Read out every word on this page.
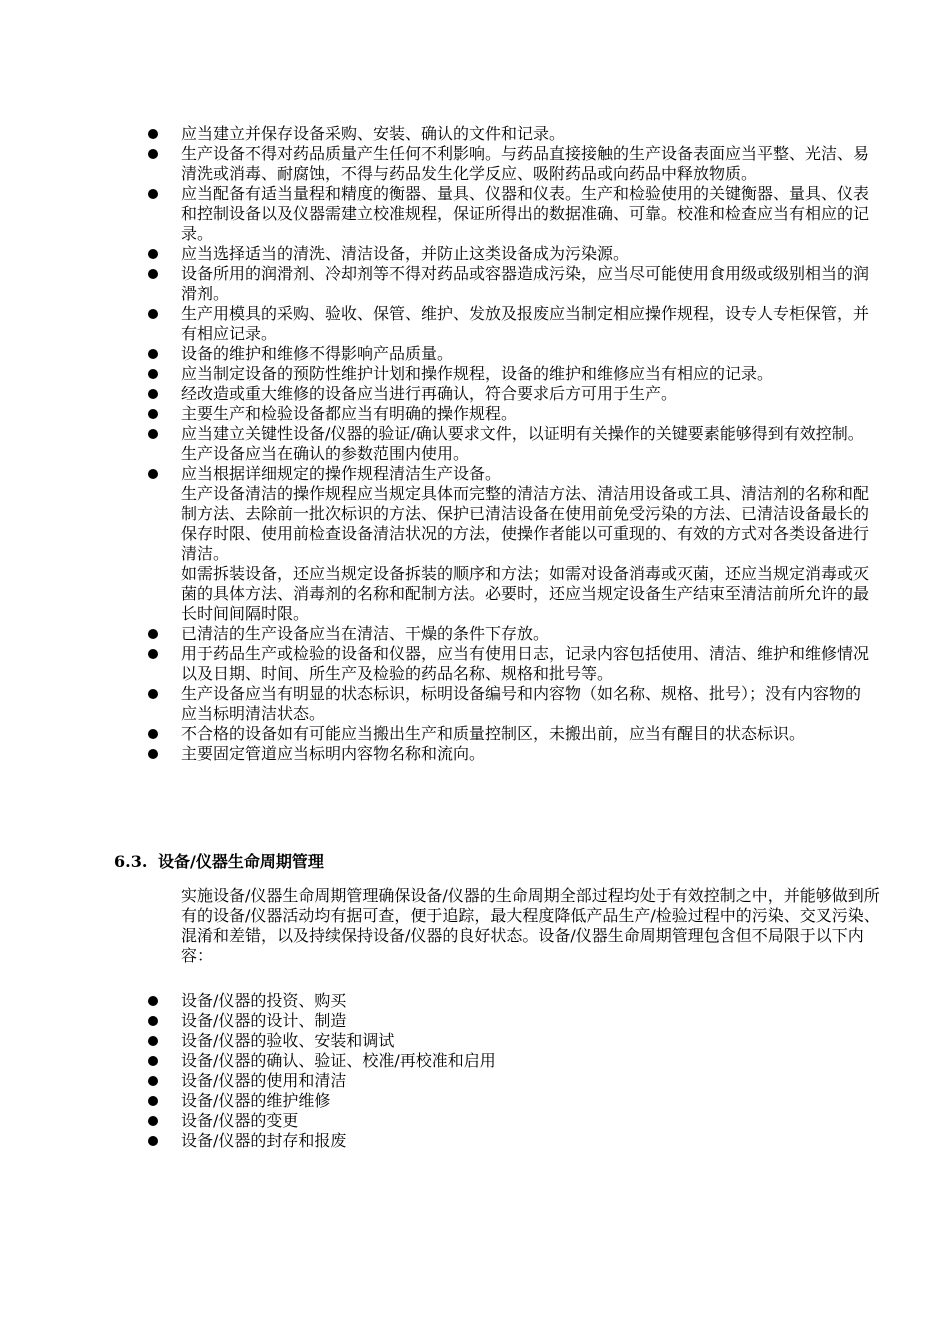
应当建立并保存设备采购、安装、确认的文件和记录。

生产设备不得对药品质量产生任何不利影响。与药品直接接触的生产设备表面应当平整、光洁、易清洗或消毒、耐腐蚀，不得与药品发生化学反应、吸附药品或向药品中释放物质。

应当配备有适当量程和精度的衡器、量具、仪器和仪表。生产和检验使用的关键衡器、量具、仪表和控制设备以及仪器需建立校准规程，保证所得出的数据准确、可靠。校准和检查应当有相应的记录。

应当选择适当的清洗、清洁设备，并防止这类设备成为污染源。

设备所用的润滑剂、冷却剂等不得对药品或容器造成污染，应当尽可能使用食用级或级别相当的润滑剂。

生产用模具的采购、验收、保管、维护、发放及报废应当制定相应操作规程，设专人专柜保管，并有相应记录。

设备的维护和维修不得影响产品质量。

应当制定设备的预防性维护计划和操作规程，设备的维护和维修应当有相应的记录。

经改造或重大维修的设备应当进行再确认，符合要求后方可用于生产。

主要生产和检验设备都应当有明确的操作规程。

应当建立关键性设备/仪器的验证/确认要求文件，以证明有关操作的关键要素能够得到有效控制。生产设备应当在确认的参数范围内使用。

应当根据详细规定的操作规程清洁生产设备。

生产设备清洁的操作规程应当规定具体而完整的清洁方法、清洁用设备或工具、清洁剂的名称和配制方法、去除前一批次标识的方法、保护已清洁设备在使用前免受污染的方法、已清洁设备最长的保存时限、使用前检查设备清洁状况的方法，使操作者能以可重现的、有效的方式对各类设备进行清洁。

如需拆装设备，还应当规定设备拆装的顺序和方法；如需对设备消毒或灭菌，还应当规定消毒或灭菌的具体方法、消毒剂的名称和配制方法。必要时，还应当规定设备生产结束至清洁前所允许的最长时间间隔时限。

已清洁的生产设备应当在清洁、干燥的条件下存放。

用于药品生产或检验的设备和仪器，应当有使用日志，记录内容包括使用、清洁、维护和维修情况以及日期、时间、所生产及检验的药品名称、规格和批号等。

生产设备应当有明显的状态标识，标明设备编号和内容物（如名称、规格、批号）；没有内容物的应当标明清洁状态。

不合格的设备如有可能应当搬出生产和质量控制区，未搬出前，应当有醒目的状态标识。

主要固定管道应当标明内容物名称和流向。

6.3. 设备/仪器生命周期管理

实施设备/仪器生命周期管理确保设备/仪器的生命周期全部过程均处于有效控制之中，并能够做到所有的设备/仪器活动均有据可查，便于追踪，最大程度降低产品生产/检验过程中的污染、交叉污染、混淆和差错，以及持续保持设备/仪器的良好状态。设备/仪器生命周期管理包含但不局限于以下内容：

设备/仪器的投资、购买

设备/仪器的设计、制造

设备/仪器的验收、安装和调试

设备/仪器的确认、验证、校准/再校准和启用

设备/仪器的使用和清洁

设备/仪器的维护维修

设备/仪器的变更

设备/仪器的封存和报废
